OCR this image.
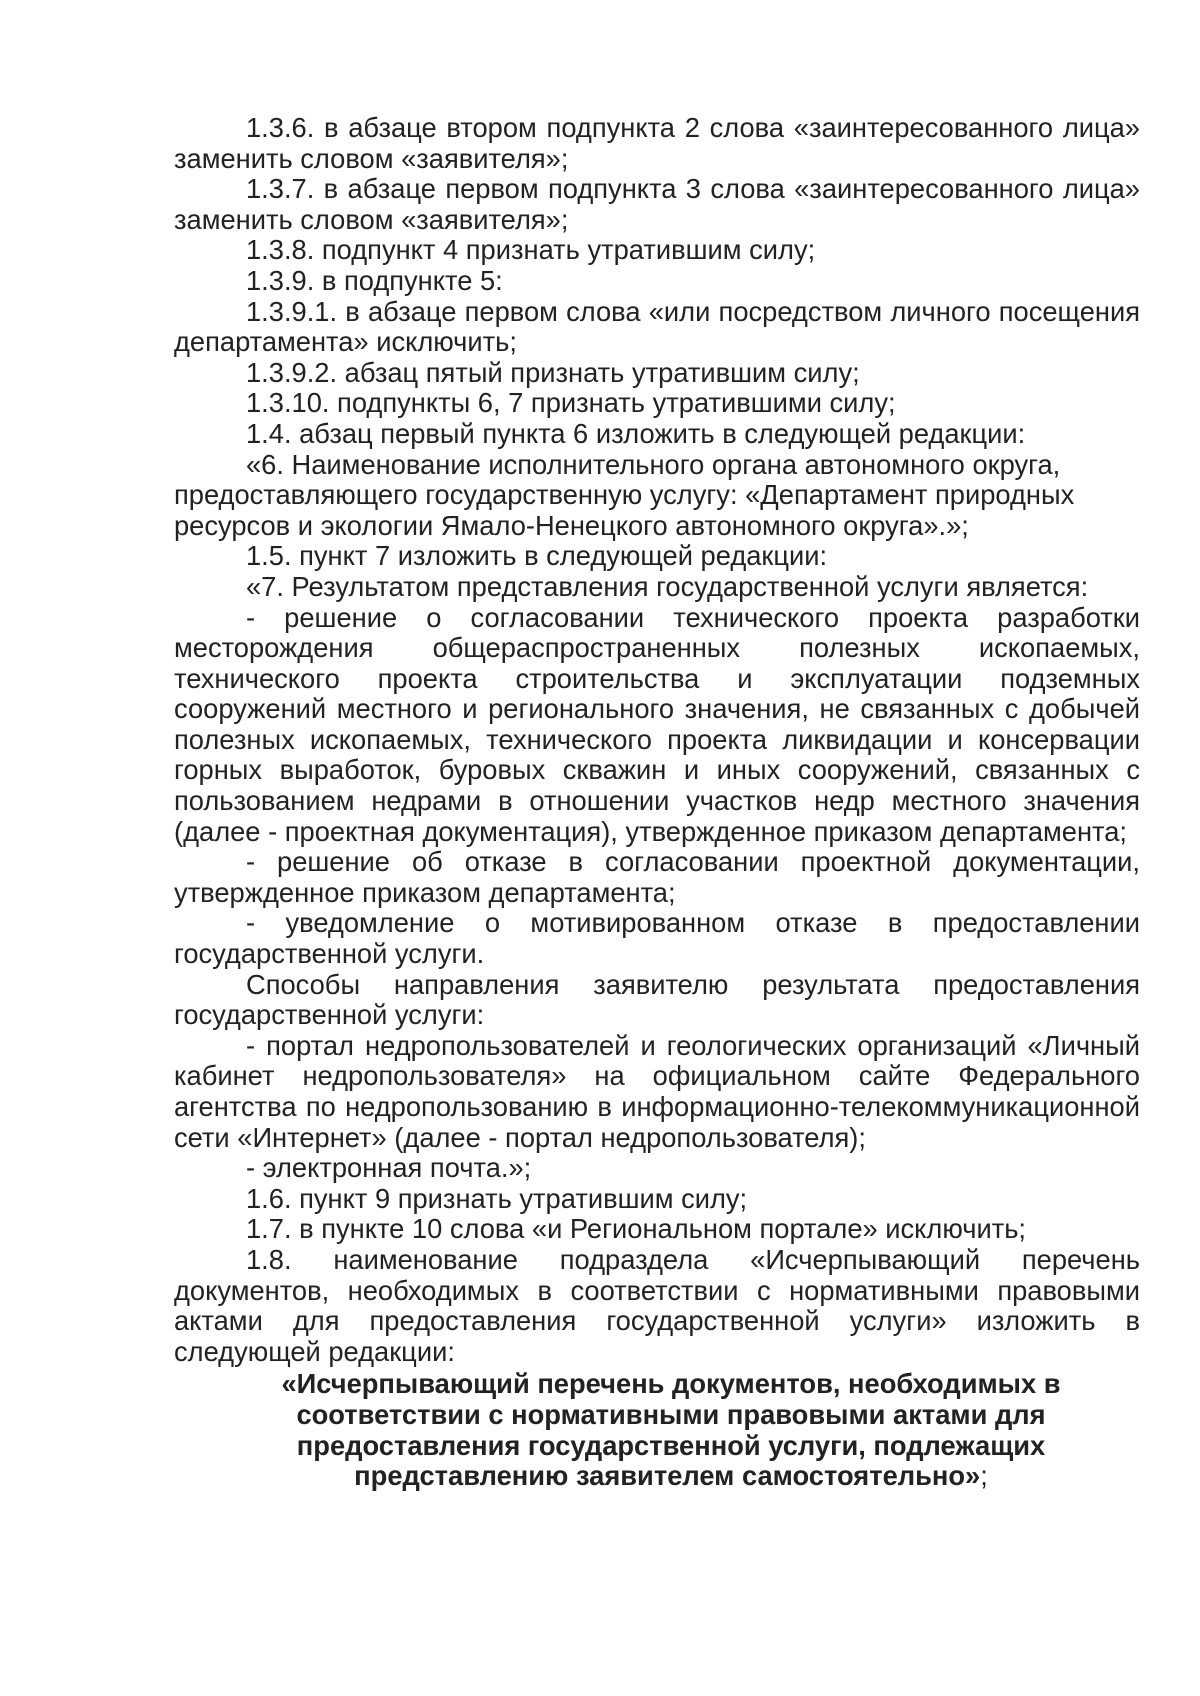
1.3.6. в абзаце втором подпункта 2 слова «заинтересованного лица» заменить словом «заявителя»;

1.3.7. в абзаце первом подпункта 3 слова «заинтересованного лица» заменить словом «заявителя»;

1.3.8. подпункт 4 признать утратившим силу;

1.3.9. в подпункте 5:

1.3.9.1. в абзаце первом слова «или посредством личного посещения департамента» исключить;

1.3.9.2. абзац пятый признать утратившим силу;

1.3.10. подпункты 6, 7 признать утратившими силу;

1.4. абзац первый пункта 6 изложить в следующей редакции:

«6. Наименование исполнительного органа автономного округа, предоставляющего государственную услугу: «Департамент природных ресурсов и экологии Ямало-Ненецкого автономного округа».»;

1.5. пункт 7 изложить в следующей редакции:

«7. Результатом представления государственной услуги является:

- решение о согласовании технического проекта разработки месторождения общераспространенных полезных ископаемых, технического проекта строительства и эксплуатации подземных сооружений местного и регионального значения, не связанных с добычей полезных ископаемых, технического проекта ликвидации и консервации горных выработок, буровых скважин и иных сооружений, связанных с пользованием недрами в отношении участков недр местного значения (далее - проектная документация), утвержденное приказом департамента;

- решение об отказе в согласовании проектной документации, утвержденное приказом департамента;

- уведомление о мотивированном отказе в предоставлении государственной услуги.

Способы направления заявителю результата предоставления государственной услуги:

- портал недропользователей и геологических организаций «Личный кабинет недропользователя» на официальном сайте Федерального агентства по недропользованию в информационно-телекоммуникационной сети «Интернет» (далее - портал недропользователя);

- электронная почта.»;

1.6. пункт 9 признать утратившим силу;

1.7. в пункте 10 слова «и Региональном портале» исключить;

1.8. наименование подраздела «Исчерпывающий перечень документов, необходимых в соответствии с нормативными правовыми актами для предоставления государственной услуги» изложить в следующей редакции:

«Исчерпывающий перечень документов, необходимых в соответствии с нормативными правовыми актами для предоставления государственной услуги, подлежащих представлению заявителем самостоятельно»;
